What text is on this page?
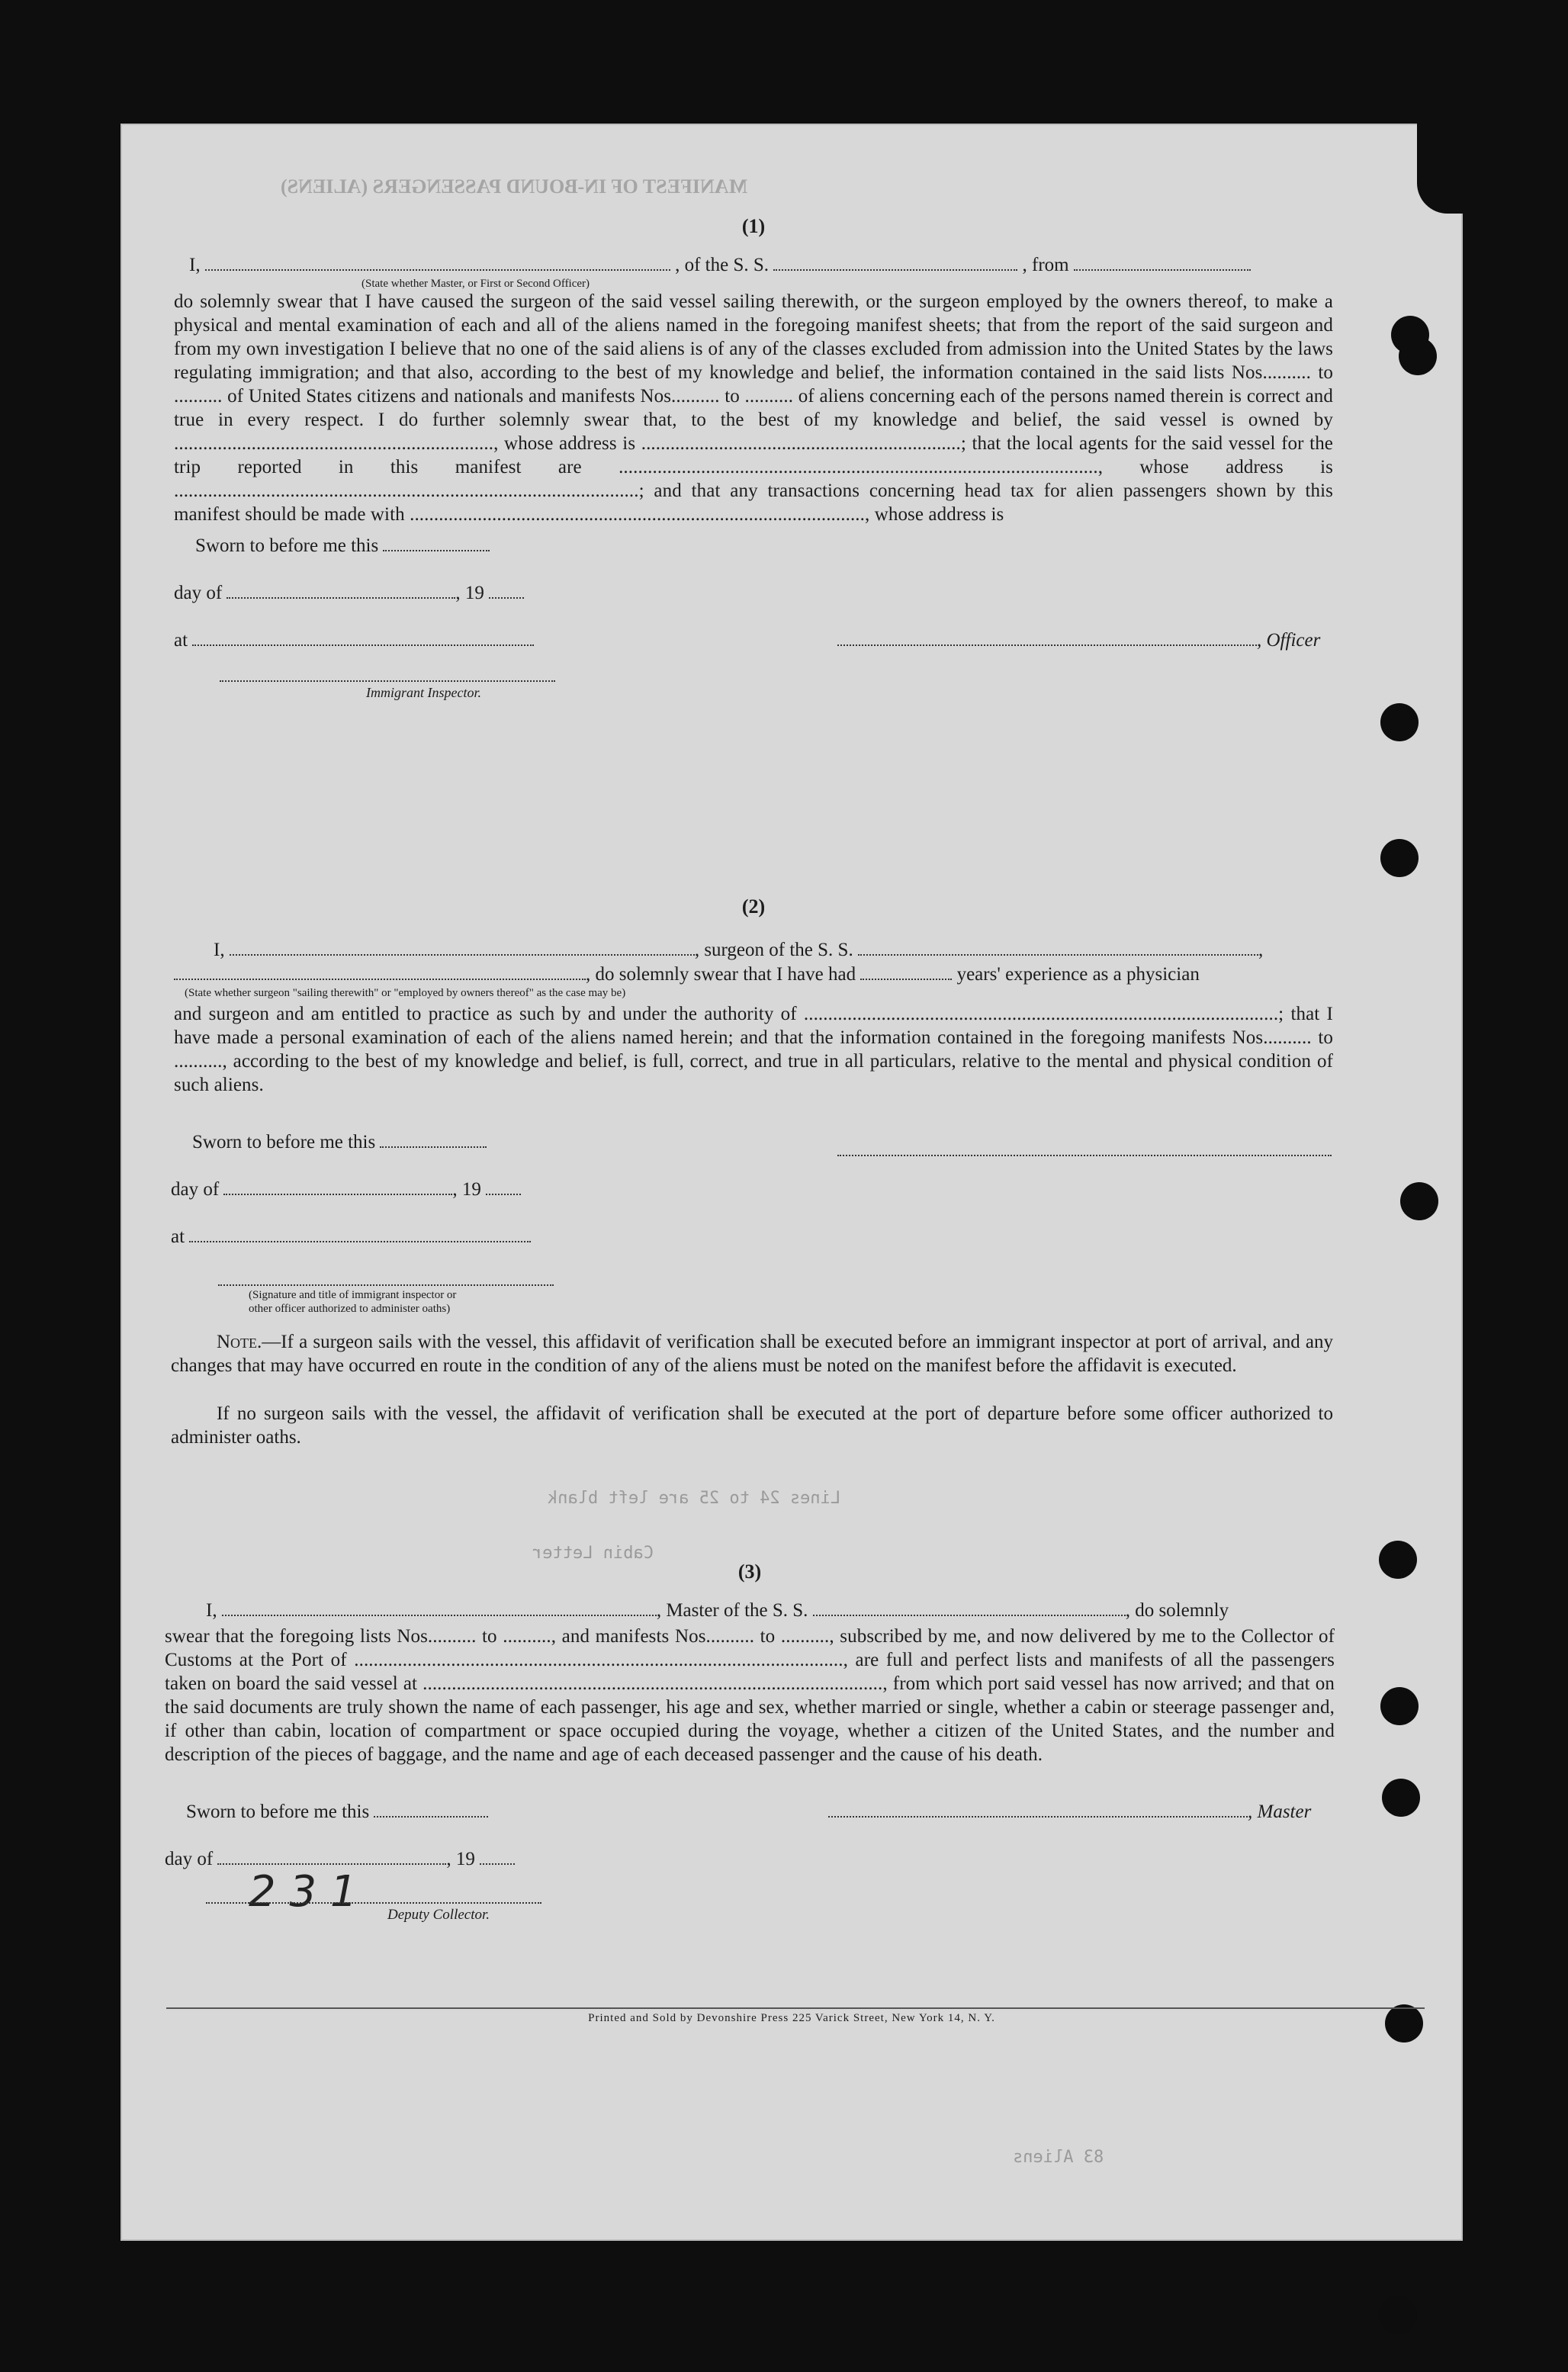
MANIFEST OF IN-BOUND PASSENGERS (ALIENS)
Lines 24 to 25 are left blank
Cabin Letter
83 Aliens
(1)
I,	, of the S. S.	, from
(State whether Master, or First or Second Officer)
do solemnly swear that I have caused the surgeon of the said vessel sailing therewith, or the surgeon employed by the owners thereof, to make a physical and mental examination of each and all of the aliens named in the foregoing manifest sheets; that from the report of the said surgeon and from my own investigation I believe that no one of the said aliens is of any of the classes excluded from admission into the United States by the laws regulating immigration; and that also, according to the best of my knowledge and belief, the information contained in the said lists Nos.......... to .......... of United States citizens and nationals and manifests Nos.......... to .......... of aliens concerning each of the persons named therein is correct and true in every respect. I do further solemnly swear that, to the best of my knowledge and belief, the said vessel is owned by .................................................................., whose address is ..................................................................; that the local agents for the said vessel for the trip reported in this manifest are ..................................................................................................., whose address is ................................................................................................; and that any transactions concerning head tax for alien passengers shown by this manifest should be made with .............................................................................................., whose address is
Sworn to before me this
day of	, 19
at	, Officer
Immigrant Inspector.
(2)
I,	, surgeon of the S. S.	,
, do solemnly swear that I have had	years' experience as a physician
(State whether surgeon "sailing therewith" or "employed by owners thereof" as the case may be)
and surgeon and am entitled to practice as such by and under the authority of ..................................................................................................; that I have made a personal examination of each of the aliens named herein; and that the information contained in the foregoing manifests Nos.......... to .........., according to the best of my knowledge and belief, is full, correct, and true in all particulars, relative to the mental and physical condition of such aliens.
Sworn to before me this
day of	, 19
at
(Signature and title of immigrant inspector or
other officer authorized to administer oaths)
Note.—If a surgeon sails with the vessel, this affidavit of verification shall be executed before an immigrant inspector at port of arrival, and any changes that may have occurred en route in the condition of any of the aliens must be noted on the manifest before the affidavit is executed.
If no surgeon sails with the vessel, the affidavit of verification shall be executed at the port of departure before some officer authorized to administer oaths.
(3)
I,	, Master of the S. S.	, do solemnly
swear that the foregoing lists Nos.......... to .........., and manifests Nos.......... to .........., subscribed by me, and now delivered by me to the Collector of Customs at the Port of ....................................................................................................., are full and perfect lists and manifests of all the passengers taken on board the said vessel at ..............................................................................................., from which port said vessel has now arrived; and that on the said documents are truly shown the name of each passenger, his age and sex, whether married or single, whether a cabin or steerage passenger and, if other than cabin, location of compartment or space occupied during the voyage, whether a citizen of the United States, and the number and description of the pieces of baggage, and the name and age of each deceased passenger and the cause of his death.
Sworn to before me this	, Master
day of	, 19
2 3 1 Deputy Collector.
Printed and Sold by Devonshire Press 225 Varick Street, New York 14, N. Y.
